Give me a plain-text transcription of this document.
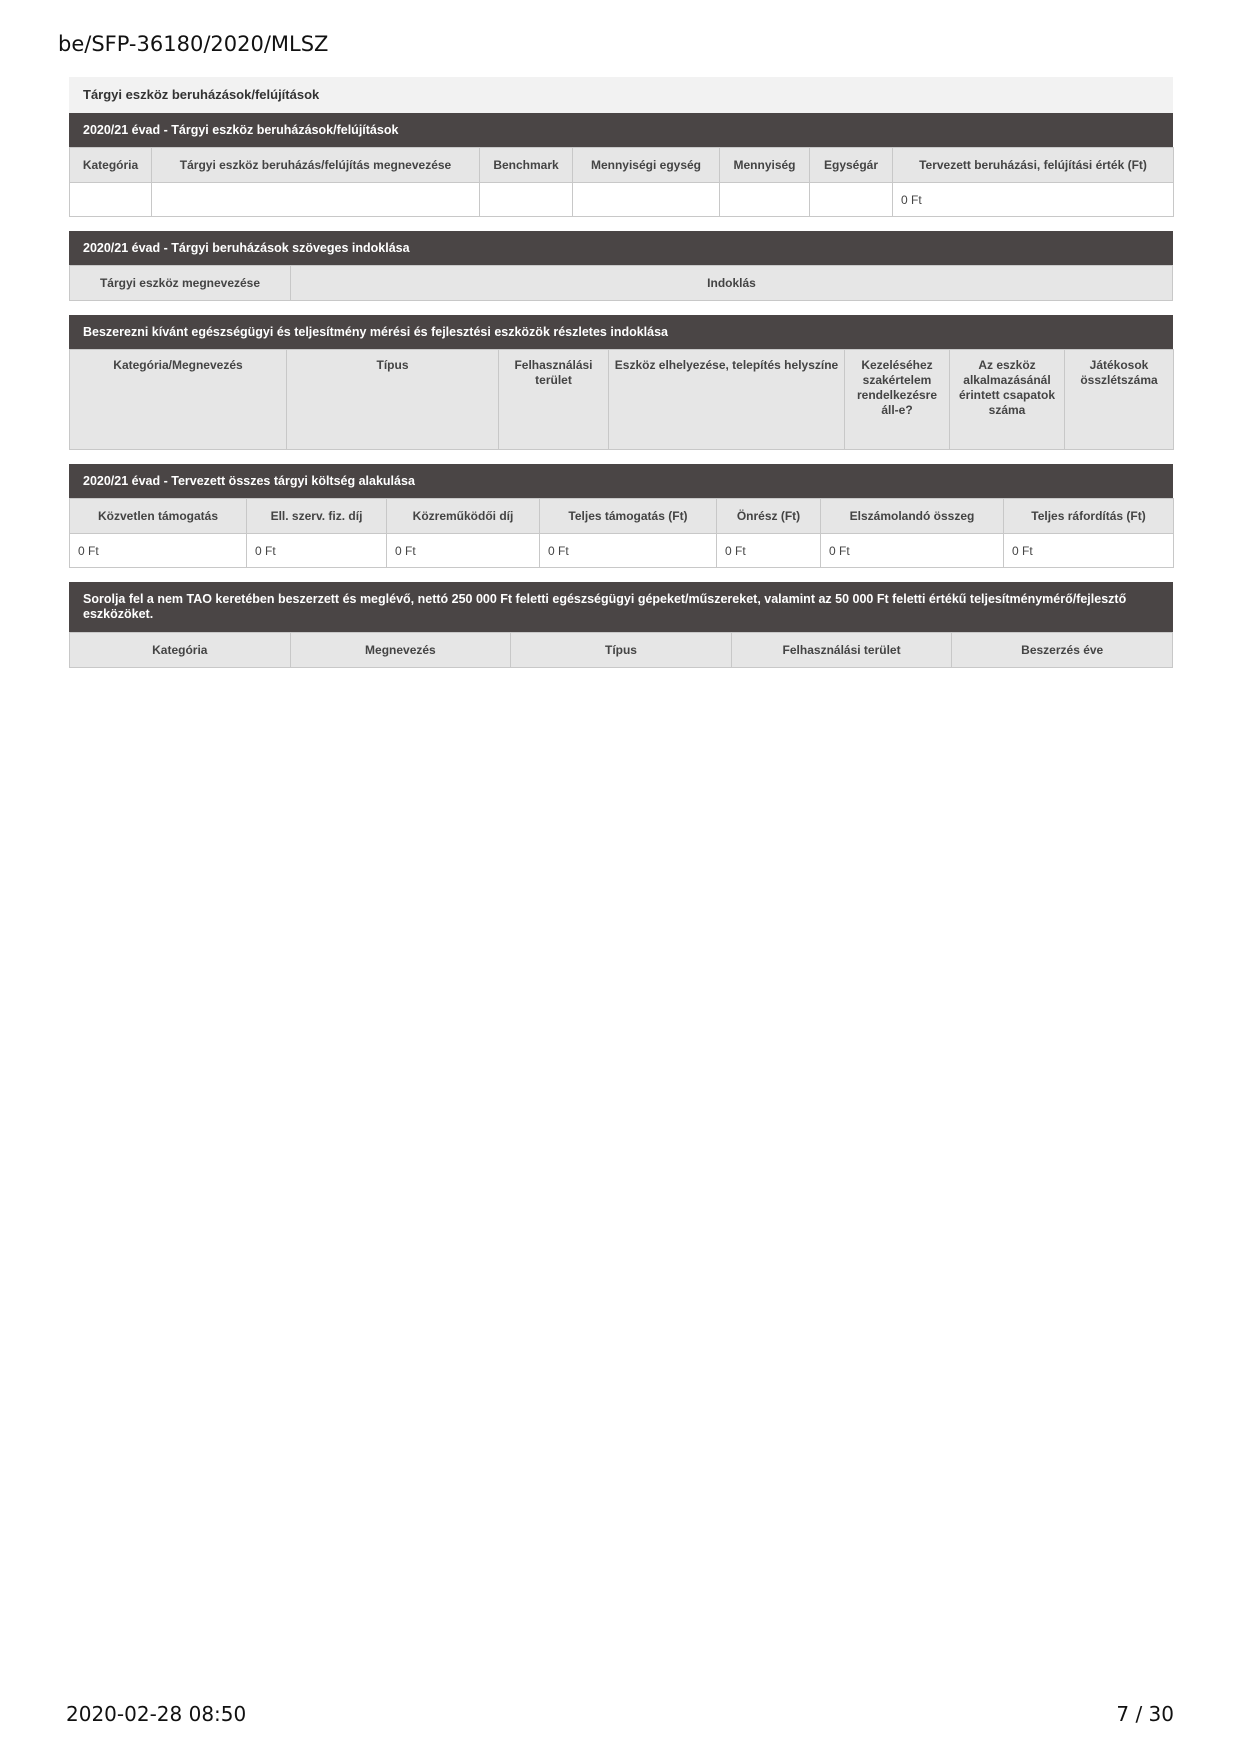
be/SFP-36180/2020/MLSZ
Tárgyi eszköz beruházások/felújítások
2020/21 évad - Tárgyi eszköz beruházások/felújítások
Kategória	Tárgyi eszköz beruházás/felújítás megnevezése	Benchmark	Mennyiségi egység	Mennyiség	Egységár	Tervezett beruházási, felújítási érték (Ft)
						0 Ft
2020/21 évad - Tárgyi beruházások szöveges indoklása
Tárgyi eszköz megnevezése	Indoklás
Beszerezni kívánt egészségügyi és teljesítmény mérési és fejlesztési eszközök részletes indoklása
Kategória/Megnevezés	Típus	Felhasználási terület	Eszköz elhelyezése, telepítés helyszíne	Kezeléséhez szakértelem rendelkezésre áll-e?	Az eszköz alkalmazásánál érintett csapatok száma	Játékosok összlétszáma
2020/21 évad - Tervezett összes tárgyi költség alakulása
Közvetlen támogatás	Ell. szerv. fiz. díj	Közreműködői díj	Teljes támogatás (Ft)	Önrész (Ft)	Elszámolandó összeg	Teljes ráfordítás (Ft)
0 Ft	0 Ft	0 Ft	0 Ft	0 Ft	0 Ft	0 Ft
Sorolja fel a nem TAO keretében beszerzett és meglévő, nettó 250 000 Ft feletti egészségügyi gépeket/műszereket, valamint az 50 000 Ft feletti értékű teljesítménymérő/fejlesztő eszközöket.
Kategória	Megnevezés	Típus	Felhasználási terület	Beszerzés éve
2020-02-28 08:50	7 / 30
